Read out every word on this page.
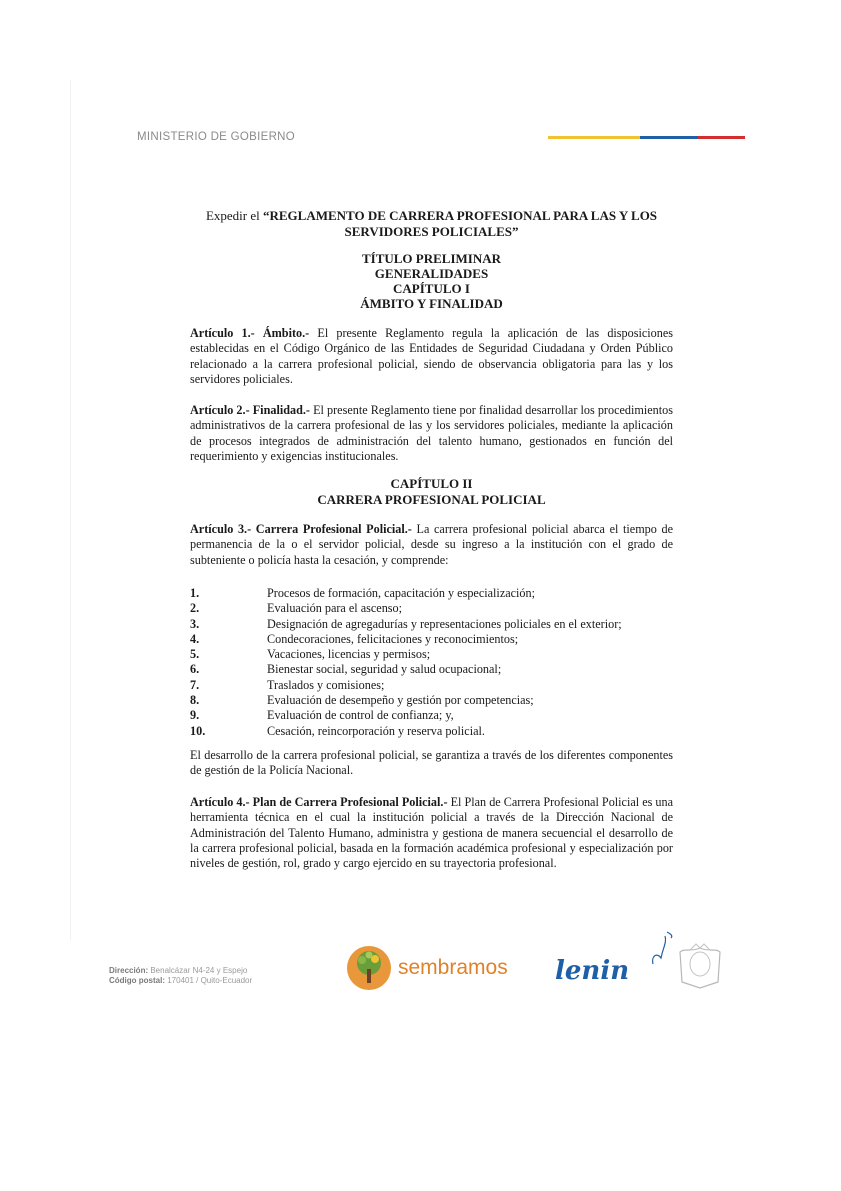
MINISTERIO DE GOBIERNO
Expedir el “REGLAMENTO DE CARRERA PROFESIONAL PARA LAS Y LOS
SERVIDORES POLICIALES”
TÍTULO PRELIMINAR
GENERALIDADES
CAPÍTULO I
ÁMBITO Y FINALIDAD

Artículo 1.- Ámbito.- El presente Reglamento regula la aplicación de las disposiciones establecidas en el Código Orgánico de las Entidades de Seguridad Ciudadana y Orden Público relacionado a la carrera profesional policial, siendo de observancia obligatoria para las y los servidores policiales.

Artículo 2.- Finalidad.- El presente Reglamento tiene por finalidad desarrollar los procedimientos administrativos de la carrera profesional de las y los servidores policiales, mediante la aplicación de procesos integrados de administración del talento humano, gestionados en función del requerimiento y exigencias institucionales.

CAPÍTULO II
CARRERA PROFESIONAL POLICIAL

Artículo 3.- Carrera Profesional Policial.- La carrera profesional policial abarca el tiempo de permanencia de la o el servidor policial, desde su ingreso a la institución con el grado de subteniente o policía hasta la cesación, y comprende:

1.	Procesos de formación, capacitación y especialización;
2.	Evaluación para el ascenso;
3.	Designación de agregadurías y representaciones policiales en el exterior;
4.	Condecoraciones, felicitaciones y reconocimientos;
5.	Vacaciones, licencias y permisos;
6.	Bienestar social, seguridad y salud ocupacional;
7.	Traslados y comisiones;
8.	Evaluación de desempeño y gestión por competencias;
9.	Evaluación de control de confianza; y,
10.	Cesación, reincorporación y reserva policial.

El desarrollo de la carrera profesional policial, se garantiza a través de los diferentes componentes de gestión de la Policía Nacional.

Artículo 4.- Plan de Carrera Profesional Policial.- El Plan de Carrera Profesional Policial es una herramienta técnica en el cual la institución policial a través de la Dirección Nacional de Administración del Talento Humano, administra y gestiona de manera secuencial el desarrollo de la carrera profesional policial, basada en la formación académica profesional y especialización por niveles de gestión, rol, grado y cargo ejercido en su trayectoria profesional.

Dirección: Benalcázar N4-24 y Espejo
Código postal: 170401 / Quito-Ecuador
sembramos lenin
